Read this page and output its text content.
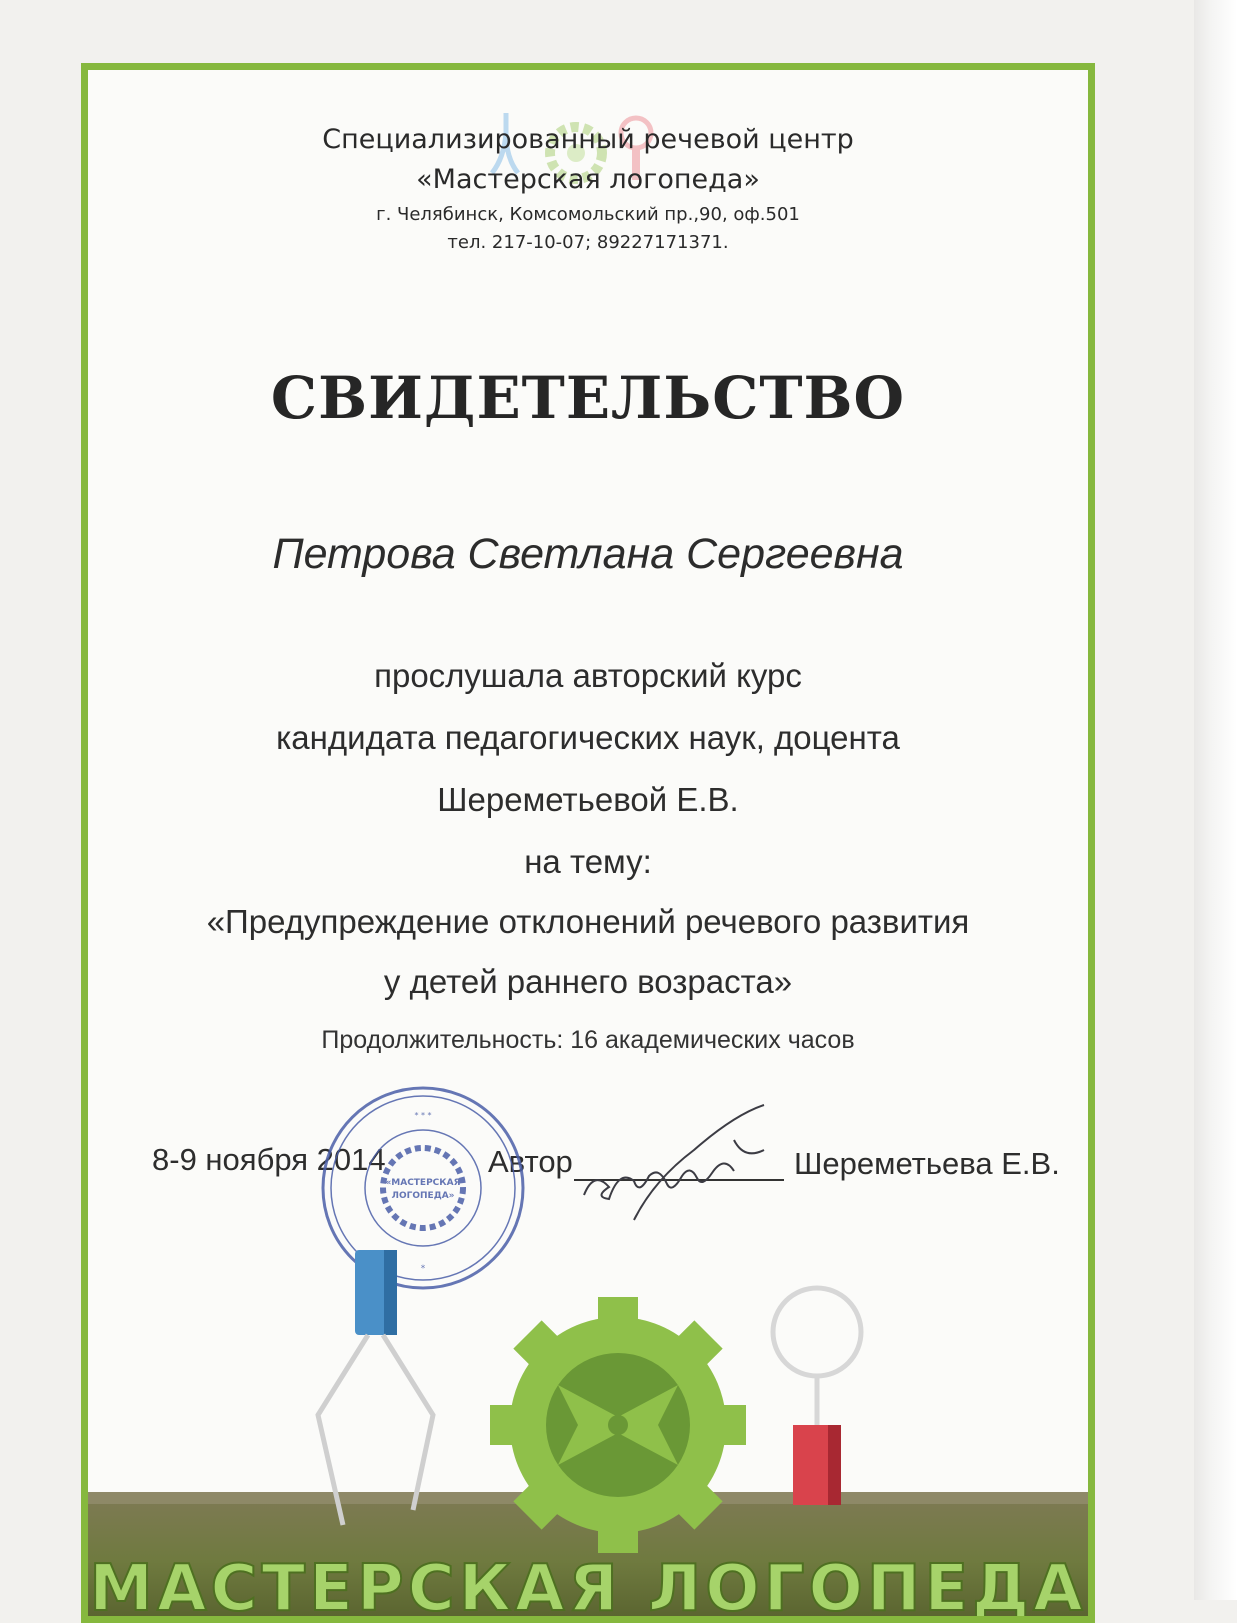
Специализированный речевой центр
«Мастерская логопеда»
г. Челябинск, Комсомольский пр.,90, оф.501
тел. 217-10-07; 89227171371.
СВИДЕТЕЛЬСТВО
Петрова Светлана Сергеевна
прослушала авторский курс
кандидата педагогических наук, доцента
Шереметьевой Е.В.
на тему:
«Предупреждение отклонений речевого развития
у детей раннего возраста»
Продолжительность: 16 академических часов
8-9 ноября 2014	Автор	Шереметьева Е.В.
«МАСТЕРСКАЯ
ЛОГОПЕДА»
*
* * *
МАСТЕРСКАЯ ЛОГОПЕДА
